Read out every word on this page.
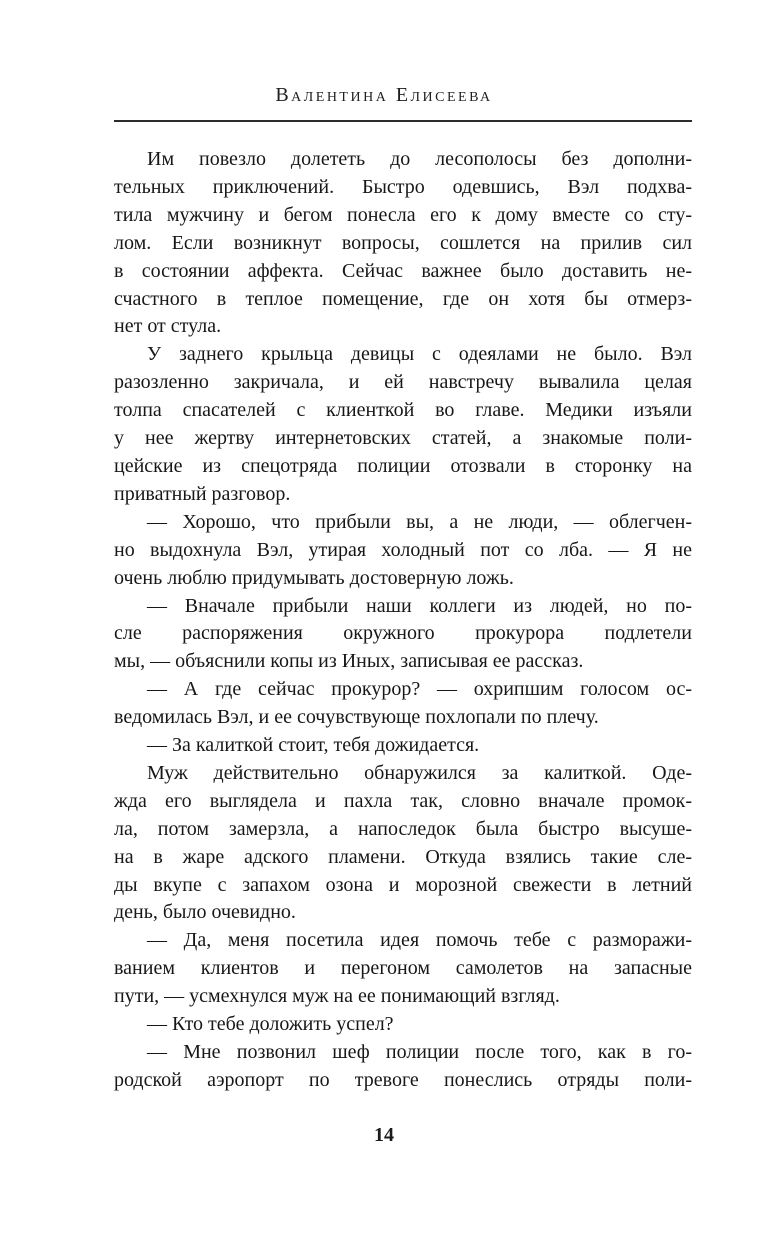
Валентина Елисеева
Им повезло долететь до лесополосы без дополни-
тельных приключений. Быстро одевшись, Вэл подхва-
тила мужчину и бегом понесла его к дому вместе со сту-
лом. Если возникнут вопросы, сошлется на прилив сил
в состоянии аффекта. Сейчас важнее было доставить не-
счастного в теплое помещение, где он хотя бы отмерз-
нет от стула.
У заднего крыльца девицы с одеялами не было. Вэл
разозленно закричала, и ей навстречу вывалила целая
толпа спасателей с клиенткой во главе. Медики изъяли
у нее жертву интернетовских статей, а знакомые поли-
цейские из спецотряда полиции отозвали в сторонку на
приватный разговор.
— Хорошо, что прибыли вы, а не люди, — облегчен-
но выдохнула Вэл, утирая холодный пот со лба. — Я не
очень люблю придумывать достоверную ложь.
— Вначале прибыли наши коллеги из людей, но по-
сле распоряжения окружного прокурора подлетели
мы, — объяснили копы из Иных, записывая ее рассказ.
— А где сейчас прокурор? — охрипшим голосом ос-
ведомилась Вэл, и ее сочувствующе похлопали по плечу.
— За калиткой стоит, тебя дожидается.
Муж действительно обнаружился за калиткой. Оде-
жда его выглядела и пахла так, словно вначале промок-
ла, потом замерзла, а напоследок была быстро высуше-
на в жаре адского пламени. Откуда взялись такие сле-
ды вкупе с запахом озона и морозной свежести в летний
день, было очевидно.
— Да, меня посетила идея помочь тебе с разморажи-
ванием клиентов и перегоном самолетов на запасные
пути, — усмехнулся муж на ее понимающий взгляд.
— Кто тебе доложить успел?
— Мне позвонил шеф полиции после того, как в го-
родской аэропорт по тревоге понеслись отряды поли-
14
